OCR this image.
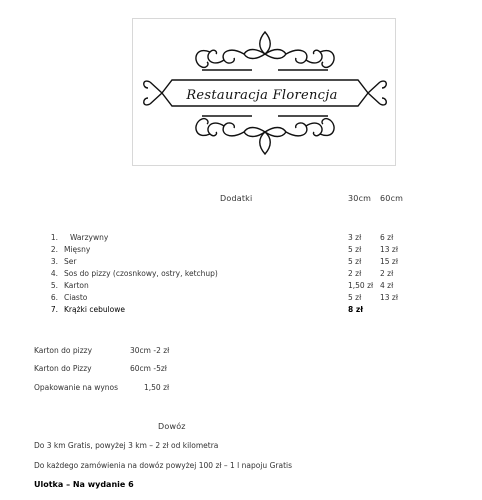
Restauracja Florencja
Dodatki	30cm 60cm
1. Warzywny	3 zł	6 zł
2. Mięsny	5 zł	13 zł
3. Ser	5 zł	15 zł
4. Sos do pizzy (czosnkowy, ostry, ketchup)	2 zł	2 zł
5. Karton	1,50 zł 4 zł
6. Ciasto	5 zł	13 zł
7. Krążki cebulowe	8 zł
Karton do pizzy	30cm -2 zł
Karton do Pizzy	60cm -5zł
Opakowanie na wynos	1,50 zł
Dowóz
Do 3 km Gratis, powyżej 3 km – 2 zł od kilometra
Do każdego zamówienia na dowóz powyżej 100 zł – 1 l napoju Gratis
Ulotka – Na wydanie 6
